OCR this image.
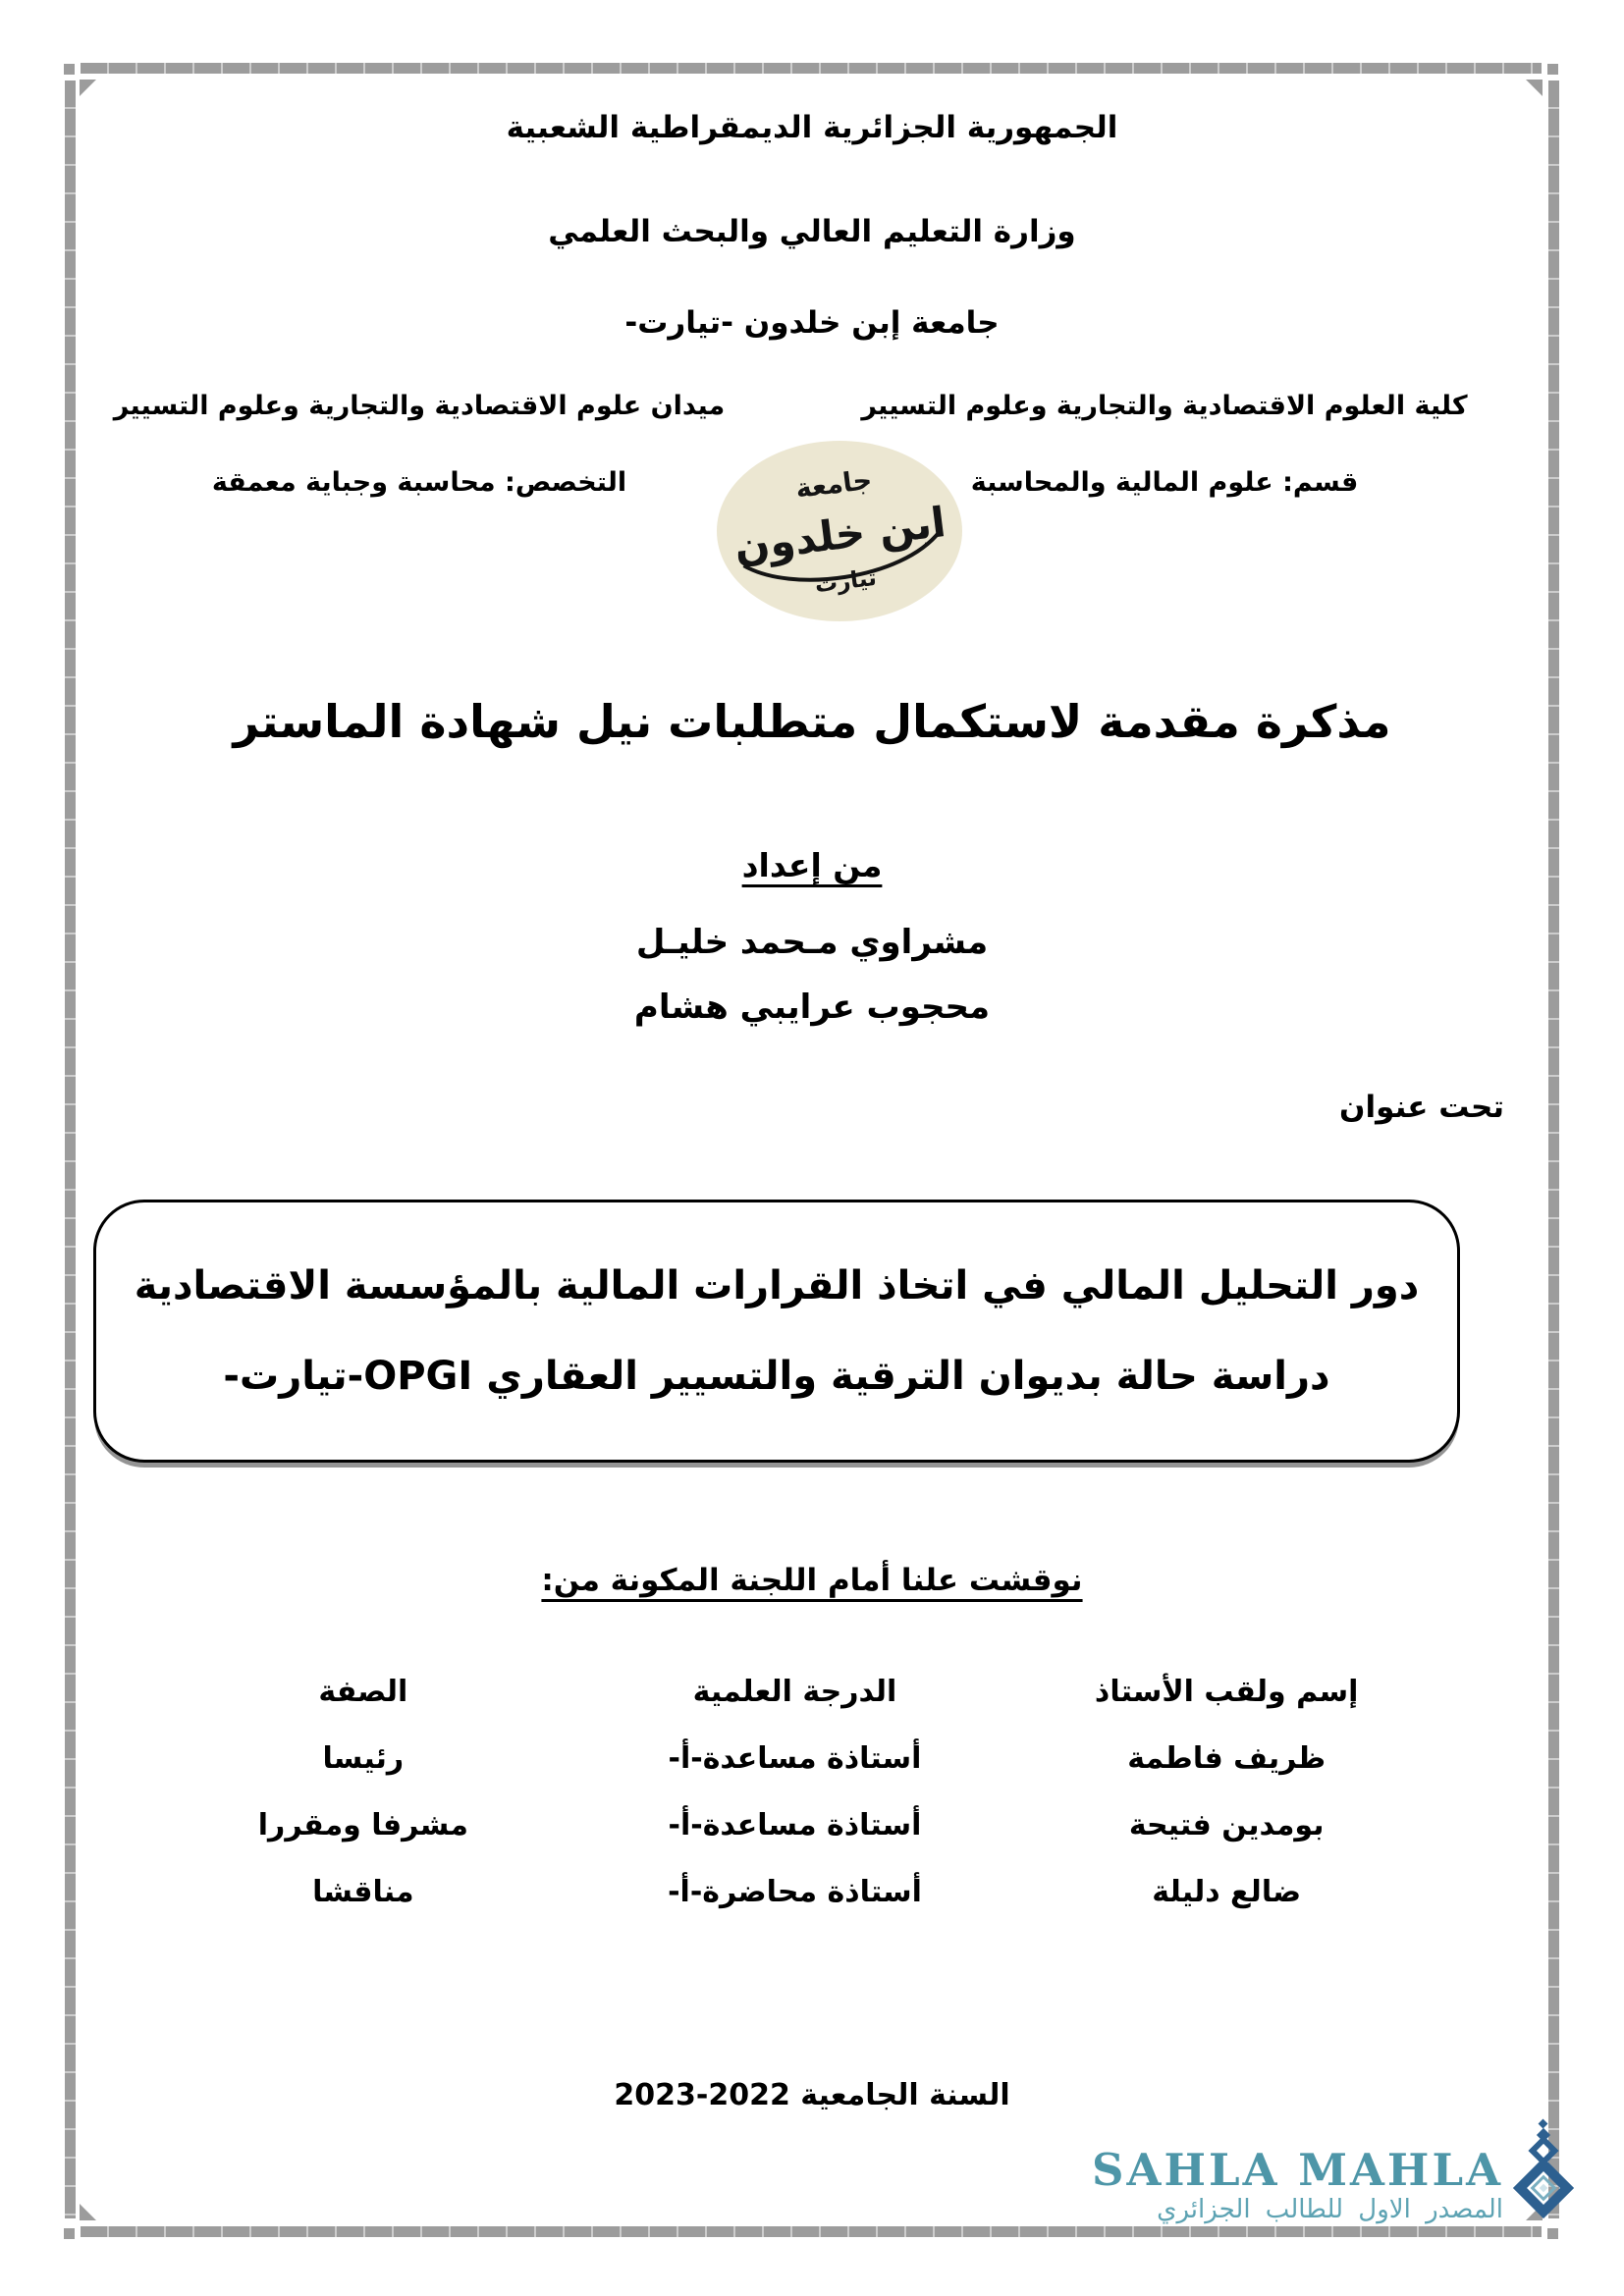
الجمهورية الجزائرية الديمقراطية الشعبية
وزارة التعليم العالي والبحث العلمي
جامعة إبن خلدون -تيارت-
كلية العلوم الاقتصادية والتجارية وعلوم التسيير
قسم: علوم المالية والمحاسبة
ميدان علوم الاقتصادية والتجارية وعلوم التسيير
التخصص: محاسبة وجباية معمقة	جامعة
ابن خلدون
تيارت
مذكرة مقدمة لاستكمال متطلبات نيل شهادة الماستر
من إعداد
مشراوي مـحمد خليـل
محجوب عرايبي هشام
تحت عنوان
دور التحليل المالي في اتخاذ القرارات المالية بالمؤسسة الاقتصادية
دراسة حالة بديوان الترقية والتسيير العقاري OPGI-تيارت-
نوقشت علنا أمام اللجنة المكونة من:
إسم ولقب الأستاذ
الدرجة العلمية
الصفة
ظريف فاطمة
أستاذة مساعدة-أ-
رئيسا
بومدين فتيحة
أستاذة مساعدة-أ-
مشرفا ومقررا
ضالع دليلة
أستاذة محاضرة-أ-
مناقشا
السنة الجامعية 2022‏-‏2023
SAHLA MAHLA
المصدر الاول للطالب الجزائري
